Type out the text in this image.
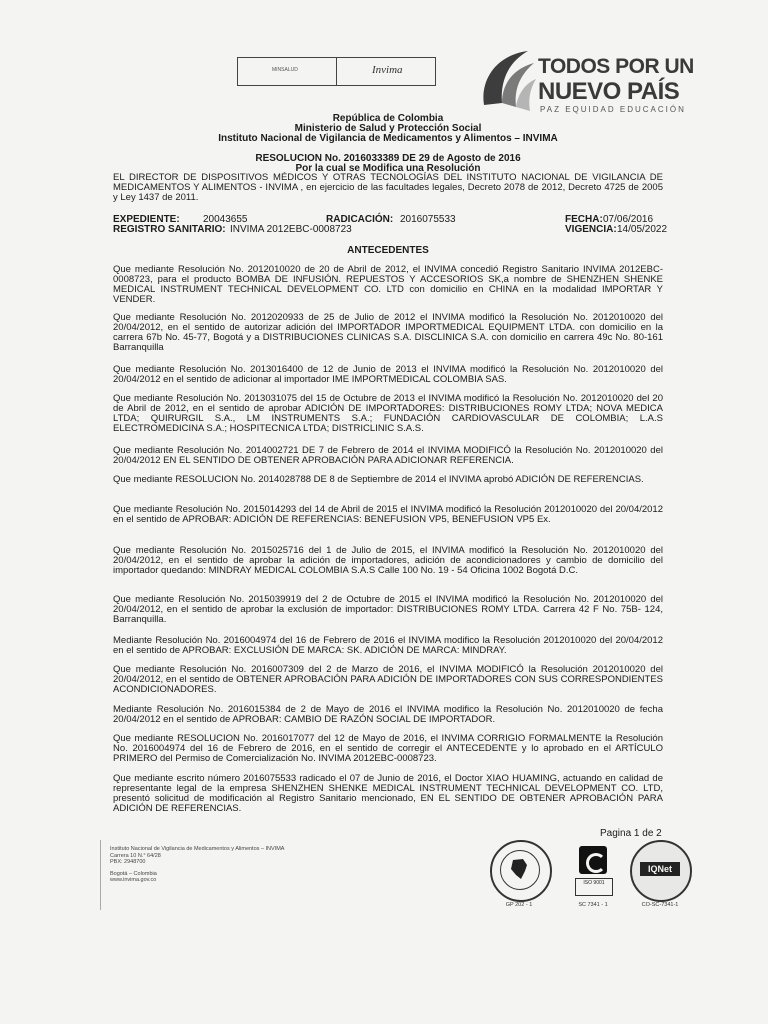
MINSALUD	Invima	TODOS POR UN
NUEVO PAÍS
PAZ EQUIDAD EDUCACIÓN
República de Colombia
Ministerio de Salud y Protección Social
Instituto Nacional de Vigilancia de Medicamentos y Alimentos – INVIMA
RESOLUCION No. 2016033389 DE 29 de Agosto de 2016
Por la cual se Modifica una Resolución
EL DIRECTOR DE DISPOSITIVOS MÉDICOS Y OTRAS TECNOLOGÍAS DEL INSTITUTO NACIONAL DE VIGILANCIA DE MEDICAMENTOS Y ALIMENTOS - INVIMA , en ejercicio de las facultades legales, Decreto 2078 de 2012, Decreto 4725 de 2005 y Ley 1437 de 2011.
EXPEDIENTE: 20043655	RADICACIÓN: 2016075533	FECHA: 07/06/2016
REGISTRO SANITARIO: INVIMA 2012EBC-0008723	VIGENCIA: 14/05/2022
ANTECEDENTES
Que mediante Resolución No. 2012010020 de 20 de Abril de 2012, el INVIMA concedió Registro Sanitario INVIMA 2012EBC-0008723, para el producto BOMBA DE INFUSIÓN. REPUESTOS Y ACCESORIOS SK,a nombre de SHENZHEN SHENKE MEDICAL INSTRUMENT TECHNICAL DEVELOPMENT CO. LTD con domicilio en CHINA en la modalidad IMPORTAR Y VENDER.
Que mediante Resolución No. 2012020933 de 25 de Julio de 2012 el INVIMA modificó la Resolución No. 2012010020 del 20/04/2012, en el sentido de autorizar adición del IMPORTADOR IMPORTMEDICAL EQUIPMENT LTDA. con domicilio en la carrera 67b No. 45-77, Bogotá y a DISTRIBUCIONES CLINICAS S.A. DISCLINICA S.A. con domicilio en carrera 49c No. 80-161 Barranquilla
Que mediante Resolución No. 2013016400 de 12 de Junio de 2013 el INVIMA modificó la Resolución No. 2012010020 del 20/04/2012 en el sentido de adicionar al importador IME IMPORTMEDICAL COLOMBIA SAS.
Que mediante Resolución No. 2013031075 del 15 de Octubre de 2013 el INVIMA modificó la Resolución No. 2012010020 del 20 de Abril de 2012, en el sentido de aprobar ADICIÓN DE IMPORTADORES: DISTRIBUCIONES ROMY LTDA; NOVA MEDICA LTDA; QUIRURGIL S.A., LM INSTRUMENTS S.A.; FUNDACIÓN CARDIOVASCULAR DE COLOMBIA; L.A.S ELECTROMEDICINA S.A.; HOSPITECNICA LTDA; DISTRICLINIC S.A.S.
Que mediante Resolución No. 2014002721 DE 7 de Febrero de 2014 el INVIMA MODIFICÓ la Resolución No. 2012010020 del 20/04/2012 EN EL SENTIDO DE OBTENER APROBACIÓN PARA ADICIONAR REFERENCIA.
Que mediante RESOLUCION No. 2014028788 DE 8 de Septiembre de 2014 el INVIMA aprobó ADICIÓN DE REFERENCIAS.
Que mediante Resolución No. 2015014293 del 14 de Abril de 2015 el INVIMA modificó la Resolución 2012010020 del 20/04/2012 en el sentido de APROBAR: ADICIÓN DE REFERENCIAS: BENEFUSION VP5, BENEFUSION VP5 Ex.
Que mediante Resolución No. 2015025716 del 1 de Julio de 2015, el INVIMA modificó la Resolución No. 2012010020 del 20/04/2012, en el sentido de aprobar la adición de importadores, adición de acondicionadores y cambio de domicilio del importador quedando: MINDRAY MEDICAL COLOMBIA S.A.S Calle 100 No. 19 - 54 Oficina 1002 Bogotá D.C.
Que mediante Resolución No. 2015039919 del 2 de Octubre de 2015 el INVIMA modificó la Resolución No. 2012010020 del 20/04/2012, en el sentido de aprobar la exclusión de importador: DISTRIBUCIONES ROMY LTDA. Carrera 42 F No. 75B- 124, Barranquilla.
Mediante Resolución No. 2016004974 del 16 de Febrero de 2016 el INVIMA modifico la Resolución 2012010020 del 20/04/2012 en el sentido de APROBAR: EXCLUSIÓN DE MARCA: SK. ADICIÓN DE MARCA: MINDRAY.
Que mediante Resolución No. 2016007309 del 2 de Marzo de 2016, el INVIMA MODIFICÓ la Resolución 2012010020 del 20/04/2012, en el sentido de OBTENER APROBACIÓN PARA ADICIÓN DE IMPORTADORES CON SUS CORRESPONDIENTES ACONDICIONADORES.
Mediante Resolución No. 2016015384 de 2 de Mayo de 2016 el INVIMA modifico la Resolución No. 2012010020 de fecha 20/04/2012 en el sentido de APROBAR: CAMBIO DE RAZÓN SOCIAL DE IMPORTADOR.
Que mediante RESOLUCION No. 2016017077 del 12 de Mayo de 2016, el INVIMA CORRIGIO FORMALMENTE la Resolución No. 2016004974 del 16 de Febrero de 2016, en el sentido de corregir el ANTECEDENTE y lo aprobado en el ARTÍCULO PRIMERO del Permiso de Comercialización No. INVIMA 2012EBC-0008723.
Que mediante escrito número 2016075533 radicado el 07 de Junio de 2016, el Doctor XIAO HUAMING, actuando en calidad de representante legal de la empresa SHENZHEN SHENKE MEDICAL INSTRUMENT TECHNICAL DEVELOPMENT CO. LTD, presentó solicitud de modificación al Registro Sanitario mencionado, EN EL SENTIDO DE OBTENER APROBACIÓN PARA ADICIÓN DE REFERENCIAS.
Pagina 1 de 2
Instituto Nacional de Vigilancia de Medicamentos y Alimentos – INVIMA
Carrera 10 N.° 64/28
PBX: 2948700
Bogotá – Colombia
www.invima.gov.co
GP 202 - 1
ISO 9001
SC 7341 - 1
IQNet
CO-SC-7341-1
